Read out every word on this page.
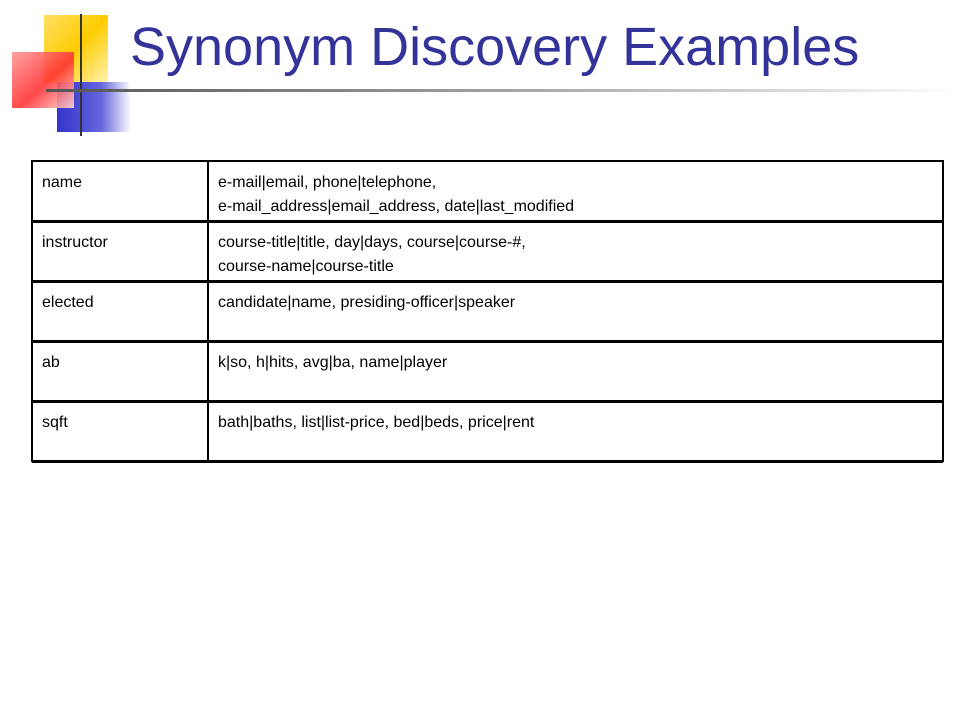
Synonym Discovery Examples
name	e-mail|email, phone|telephone,
e-mail_address|email_address, date|last_modified

instructor	course-title|title, day|days, course|course-#,
course-name|course-title

elected	candidate|name, presiding-officer|speaker

ab	k|so, h|hits, avg|ba, name|player

sqft	bath|baths, list|list-price, bed|beds, price|rent
